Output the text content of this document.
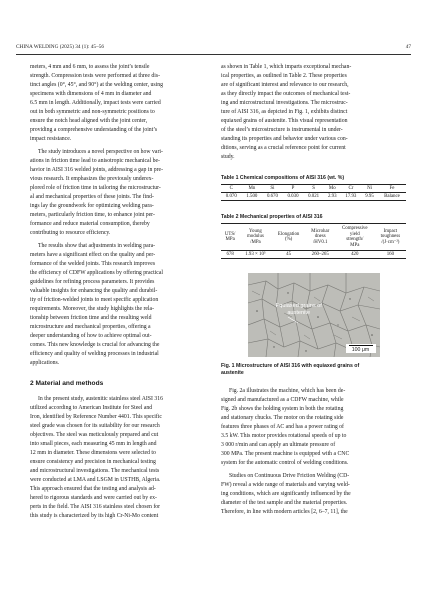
CHINA WELDING (2025) 34 (1): 45–56	47

meters, 4 mm and 6 mm, to assess the joint’s tensile
strength. Compression tests were performed at three dis-
tinct angles (0°, 45°, and 90°) at the welding center, using
specimens with dimensions of 4 mm in diameter and
6.5 mm in length. Additionally, impact tests were carried
out in both symmetric and non-symmetric positions to
ensure the notch head aligned with the joint center,
providing a comprehensive understanding of the joint’s
impact resistance.

The study introduces a novel perspective on how vari-
ations in friction time lead to anisotropic mechanical be-
havior in AISI 316 welded joints, addressing a gap in pre-
vious research. It emphasizes the previously underex-
plored role of friction time in tailoring the microstructur-
al and mechanical properties of these joints. The find-
ings lay the groundwork for optimizing welding para-
meters, particularly friction time, to enhance joint per-
formance and reduce material consumption, thereby
contributing to resource efficiency.

The results show that adjustments in welding para-
meters have a significant effect on the quality and per-
formance of the welded joints. This research improves
the efficiency of CDFW applications by offering practical
guidelines for refining process parameters. It provides
valuable insights for enhancing the quality and durabil-
ity of friction-welded joints to meet specific application
requirements. Moreover, the study highlights the rela-
tionship between friction time and the resulting weld
microstructure and mechanical properties, offering a
deeper understanding of how to achieve optimal out-
comes. This new knowledge is crucial for advancing the
efficiency and quality of welding processes in industrial
applications.

2 Material and methods

In the present study, austenitic stainless steel AISI 316
utilized according to American Institute for Steel and
Iron, identified by Reference Number 4401. This specific
steel grade was chosen for its suitability for our research
objectives. The steel was meticulously prepared and cut
into small pieces, each measuring 45 mm in length and
12 mm in diameter. These dimensions were selected to
ensure consistency and precision in mechanical testing
and microstructural investigations. The mechanical tests
were conducted at LMA and LSGM in USTHB, Algeria.
This approach ensured that the testing and analysis ad-
hered to rigorous standards and were carried out by ex-
perts in the field. The AISI 316 stainless steel chosen for
this study is characterized by its high Cr-Ni-Mo content

as shown in Table 1, which imparts exceptional mechan-
ical properties, as outlined in Table 2. These properties
are of significant interest and relevance to our research,
as they directly impact the outcomes of mechanical test-
ing and microstructural investigations. The microstruc-
ture of AISI 316, as depicted in Fig. 1, exhibits distinct
equiaxed grains of austenite. This visual representation
of the steel’s microstructure is instrumental in under-
standing its properties and behavior under various con-
ditions, serving as a crucial reference point for current
study.

Table 1 Chemical compositions of AISI 316 (wt. %)
C	Mn	Si	P	S	Mo	Cr	Ni	Fe
0.070	1.500	0.670	0.030	0.021	2.93	17.93	9.95	Balance
Table 2 Mechanical properties of AISI 316
UTS/
MPa	Young
modulus
/MPa	Elongation
(%)	Microhar
dness
/HV0.1	Compressive
yield
strength/
MPa	Impact
toughness
/(J·cm⁻²)
678	1.93 × 10⁵	45	260–265	420	160
Equiaxed grains of
austenite
100 μm
Fig. 1 Microstructure of AISI 316 with equiaxed grains of
austenite

Fig. 2a illustrates the machine, which has been de-
signed and manufactured as a CDFW machine, while
Fig. 2b shows the holding system in both the rotating
and stationary chucks. The motor on the rotating side
features three phases of AC and has a power rating of
3.5 kW. This motor provides rotational speeds of up to
3 000 r/min and can apply an ultimate pressure of
300 MPa. The present machine is equipped with a CNC
system for the automatic control of welding conditions.

Studies on Continuous Drive Friction Welding (CD-
FW) reveal a wide range of materials and varying weld-
ing conditions, which are significantly influenced by the
diameter of the test sample and the material properties.
Therefore, in line with modern articles [2, 6–7, 11], the
